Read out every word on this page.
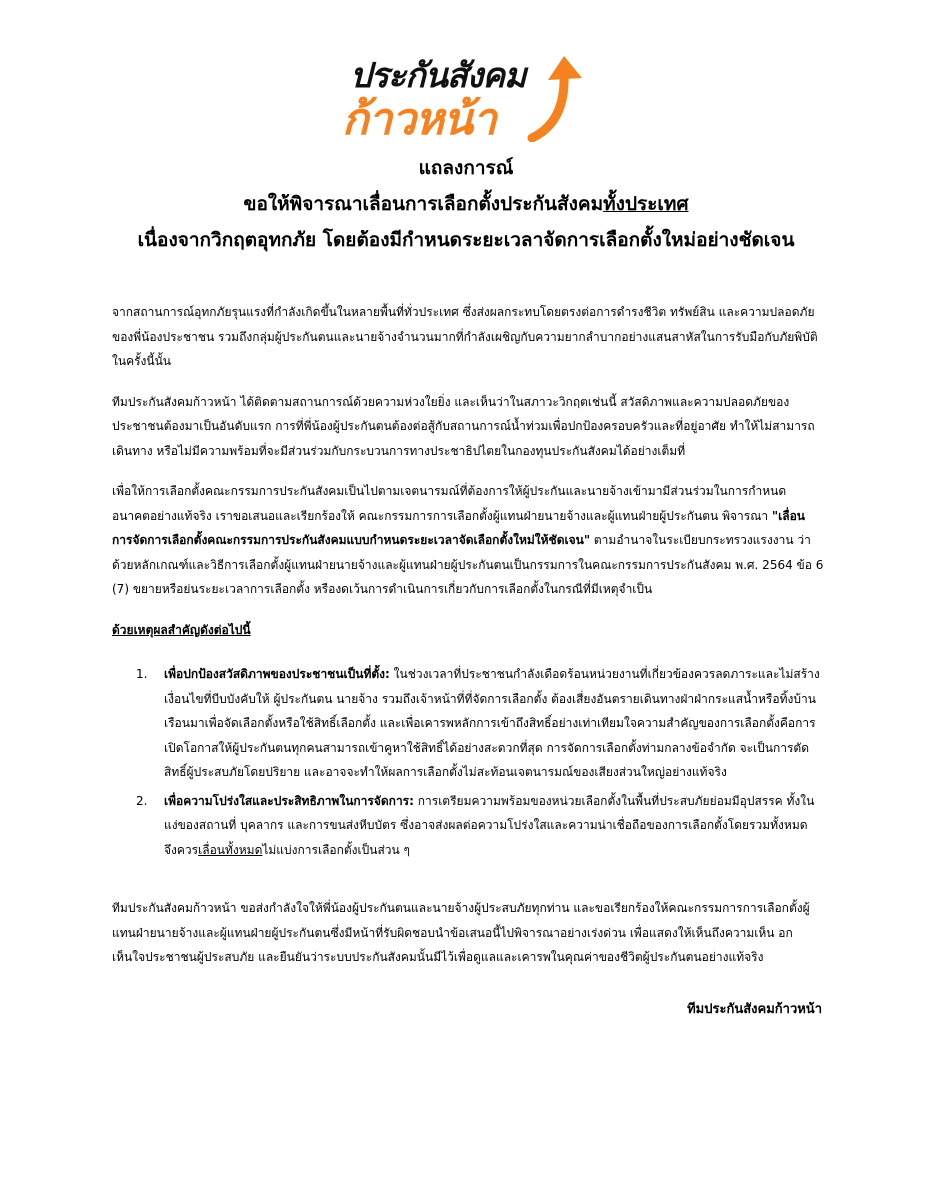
ประกันสังคม
ก้าวหน้า
แถลงการณ์
ขอให้พิจารณาเลื่อนการเลือกตั้งประกันสังคมทั้งประเทศ
เนื่องจากวิกฤตอุทกภัย โดยต้องมีกำหนดระยะเวลาจัดการเลือกตั้งใหม่อย่างชัดเจน

จากสถานการณ์อุทกภัยรุนแรงที่กำลังเกิดขึ้นในหลายพื้นที่ทั่วประเทศ ซึ่งส่งผลกระทบโดยตรงต่อการดำรงชีวิต ทรัพย์สิน และความปลอดภัยของพี่น้องประชาชน รวมถึงกลุ่มผู้ประกันตนและนายจ้างจำนวนมากที่กำลังเผชิญกับความยากลำบากอย่างแสนสาหัสในการรับมือกับภัยพิบัติในครั้งนี้นั้น

ทีมประกันสังคมก้าวหน้า ได้ติดตามสถานการณ์ด้วยความห่วงใยยิ่ง และเห็นว่าในสภาวะวิกฤตเช่นนี้ สวัสดิภาพและความปลอดภัยของประชาชนต้องมาเป็นอันดับแรก การที่พี่น้องผู้ประกันตนต้องต่อสู้กับสถานการณ์น้ำท่วมเพื่อปกป้องครอบครัวและที่อยู่อาศัย ทำให้ไม่สามารถเดินทาง หรือไม่มีความพร้อมที่จะมีส่วนร่วมกับกระบวนการทางประชาธิปไตยในกองทุนประกันสังคมได้อย่างเต็มที่

เพื่อให้การเลือกตั้งคณะกรรมการประกันสังคมเป็นไปตามเจตนารมณ์ที่ต้องการให้ผู้ประกันและนายจ้างเข้ามามีส่วนร่วมในการกำหนดอนาคตอย่างแท้จริง เราขอเสนอและเรียกร้องให้ คณะกรรมการการเลือกตั้งผู้แทนฝ่ายนายจ้างและผู้แทนฝ่ายผู้ประกันตน พิจารณา "เลื่อนการจัดการเลือกตั้งคณะกรรมการประกันสังคมแบบกำหนดระยะเวลาจัดเลือกตั้งใหม่ให้ชัดเจน" ตามอำนาจในระเบียบกระทรวงแรงงาน ว่าด้วยหลักเกณฑ์และวิธีการเลือกตั้งผู้แทนฝ่ายนายจ้างและผู้แทนฝ่ายผู้ประกันตนเป็นกรรมการในคณะกรรมการประกันสังคม พ.ศ. 2564 ข้อ 6 (7) ขยายหรือย่นระยะเวลาการเลือกตั้ง หรืองดเว้นการดำเนินการเกี่ยวกับการเลือกตั้งในกรณีที่มีเหตุจำเป็น

ด้วยเหตุผลสำคัญดังต่อไปนี้

1. เพื่อปกป้องสวัสดิภาพของประชาชนเป็นที่ตั้ง: ในช่วงเวลาที่ประชาชนกำลังเดือดร้อนหน่วยงานที่เกี่ยวข้องควรลดภาระและไม่สร้างเงื่อนไขที่บีบบังคับให้ ผู้ประกันตน นายจ้าง รวมถึงเจ้าหน้าที่ที่จัดการเลือกตั้ง ต้องเสี่ยงอันตรายเดินทางฝ่าฝ่ากระแสน้ำหรือทิ้งบ้านเรือนมาเพื่อจัดเลือกตั้งหรือใช้สิทธิ์เลือกตั้ง และเพื่อเคารพหลักการเข้าถึงสิทธิ์อย่างเท่าเทียมใจความสำคัญของการเลือกตั้งคือการเปิดโอกาสให้ผู้ประกันตนทุกคนสามารถเข้าคูหาใช้สิทธิ์ได้อย่างสะดวกที่สุด การจัดการเลือกตั้งท่ามกลางข้อจำกัด จะเป็นการตัดสิทธิ์ผู้ประสบภัยโดยปริยาย และอาจจะทำให้ผลการเลือกตั้งไม่สะท้อนเจตนารมณ์ของเสียงส่วนใหญ่อย่างแท้จริง
2. เพื่อความโปร่งใสและประสิทธิภาพในการจัดการ: การเตรียมความพร้อมของหน่วยเลือกตั้งในพื้นที่ประสบภัยย่อมมีอุปสรรค ทั้งในแง่ของสถานที่ บุคลากร และการขนส่งหีบบัตร ซึ่งอาจส่งผลต่อความโปร่งใสและความน่าเชื่อถือของการเลือกตั้งโดยรวมทั้งหมด จึงควรเลื่อนทั้งหมดไม่แบ่งการเลือกตั้งเป็นส่วน ๆ

ทีมประกันสังคมก้าวหน้า ขอส่งกำลังใจให้พี่น้องผู้ประกันตนและนายจ้างผู้ประสบภัยทุกท่าน และขอเรียกร้องให้คณะกรรมการการเลือกตั้งผู้แทนฝ่ายนายจ้างและผู้แทนฝ่ายผู้ประกันตนซึ่งมีหน้าที่รับผิดชอบนำข้อเสนอนี้ไปพิจารณาอย่างเร่งด่วน เพื่อแสดงให้เห็นถึงความเห็น อกเห็นใจประชาชนผู้ประสบภัย และยืนยันว่าระบบประกันสังคมนั้นมีไว้เพื่อดูแลและเคารพในคุณค่าของชีวิตผู้ประกันตนอย่างแท้จริง

ทีมประกันสังคมก้าวหน้า
